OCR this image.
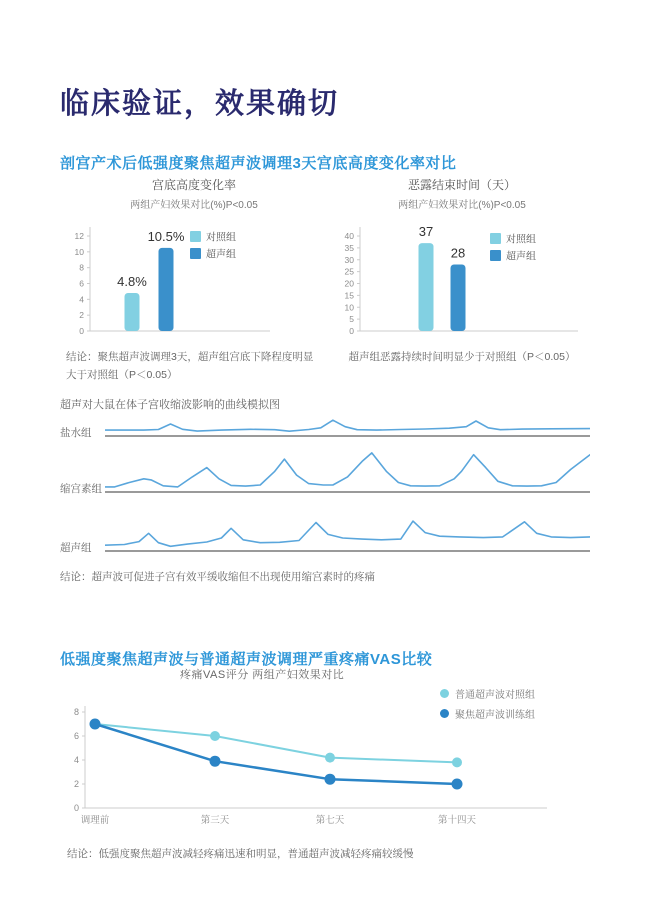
临床验证，效果确切
剖宫产术后低强度聚焦超声波调理3天宫底高度变化率对比
宫底高度变化率
两组产妇效果对比(%)P<0.05
0
2
4
6
8
10
12
4.8%
10.5% 对照组
超声组
结论：聚焦超声波调理3天，超声组宫底下降程度明显大于对照组（P＜0.05）
恶露结束时间（天）
两组产妇效果对比(%)P<0.05
0
5
10
15
20
25
30
35
40	37
28
对照组
超声组
超声组恶露持续时间明显少于对照组（P＜0.05）
超声对大鼠在体子宫收缩波影响的曲线模拟图
盐水组
缩宫素组
超声组
结论：超声波可促进子宫有效平缓收缩但不出现使用缩宫素时的疼痛
低强度聚焦超声波与普通超声波调理严重疼痛VAS比较
疼痛VAS评分 两组产妇效果对比
普通超声波对照组
聚焦超声波训练组
0
2
4
6
8
调理前	第三天	第七天	第十四天
结论：低强度聚焦超声波减轻疼痛迅速和明显，普通超声波减轻疼痛较缓慢
